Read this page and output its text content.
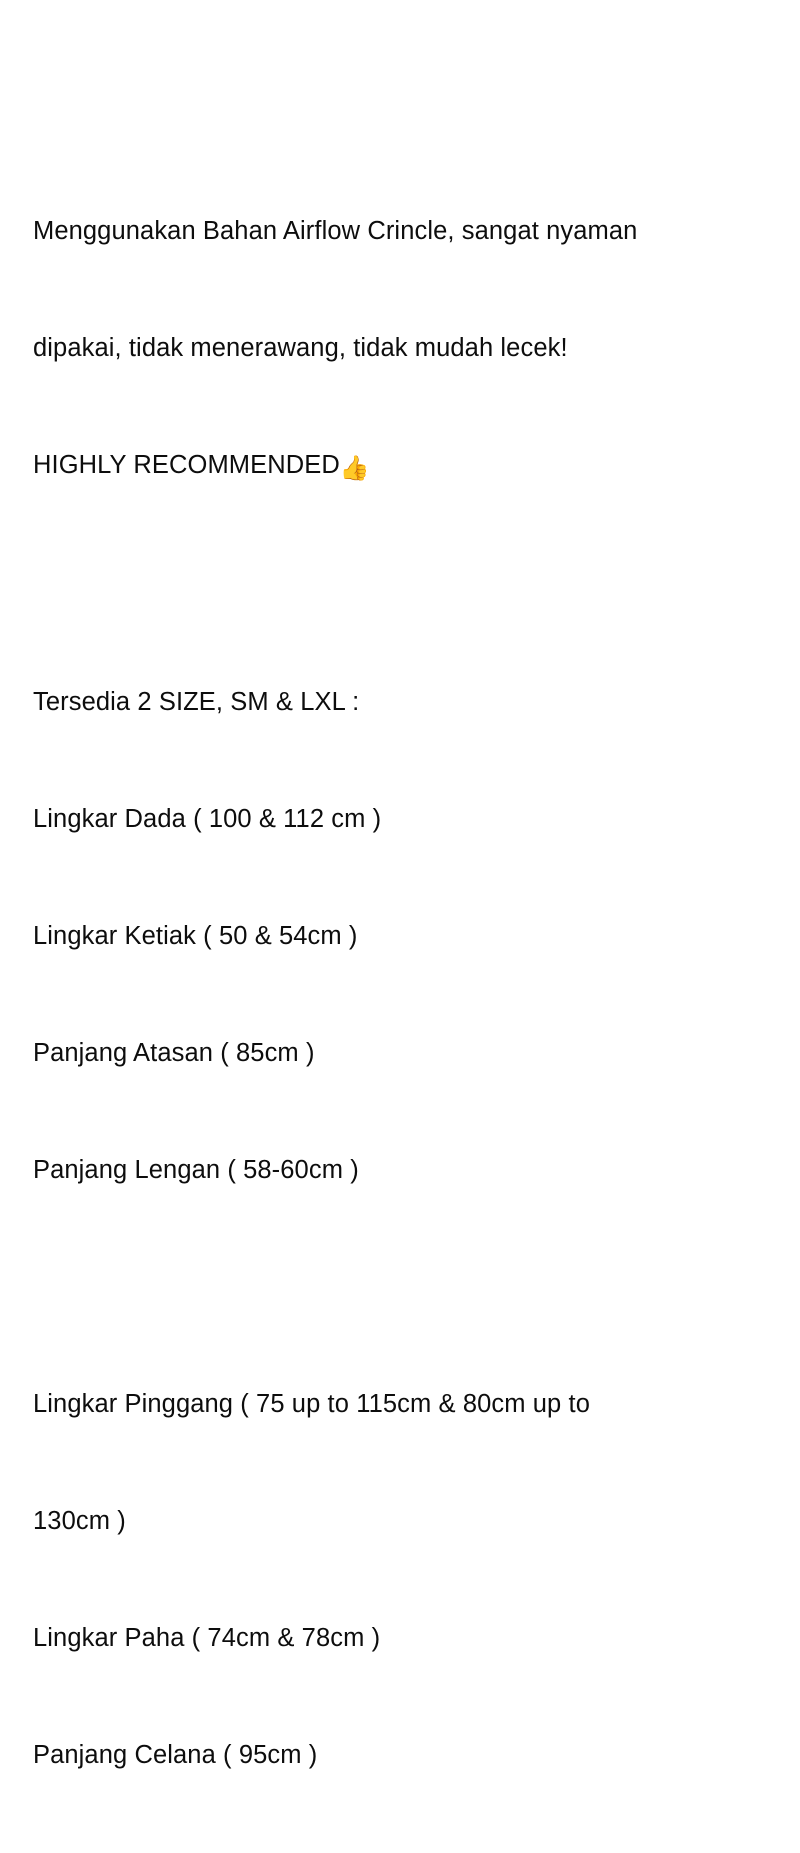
Menggunakan Bahan Airflow Crincle, sangat nyaman

dipakai, tidak menerawang, tidak mudah lecek!

HIGHLY RECOMMENDED👍

Tersedia 2 SIZE, SM & LXL :

Lingkar Dada ( 100 & 112 cm )

Lingkar Ketiak ( 50 & 54cm )

Panjang Atasan ( 85cm )

Panjang Lengan ( 58-60cm )

Lingkar Pinggang ( 75 up to 115cm & 80cm up to

130cm )

Lingkar Paha ( 74cm & 78cm )

Panjang Celana ( 95cm )
